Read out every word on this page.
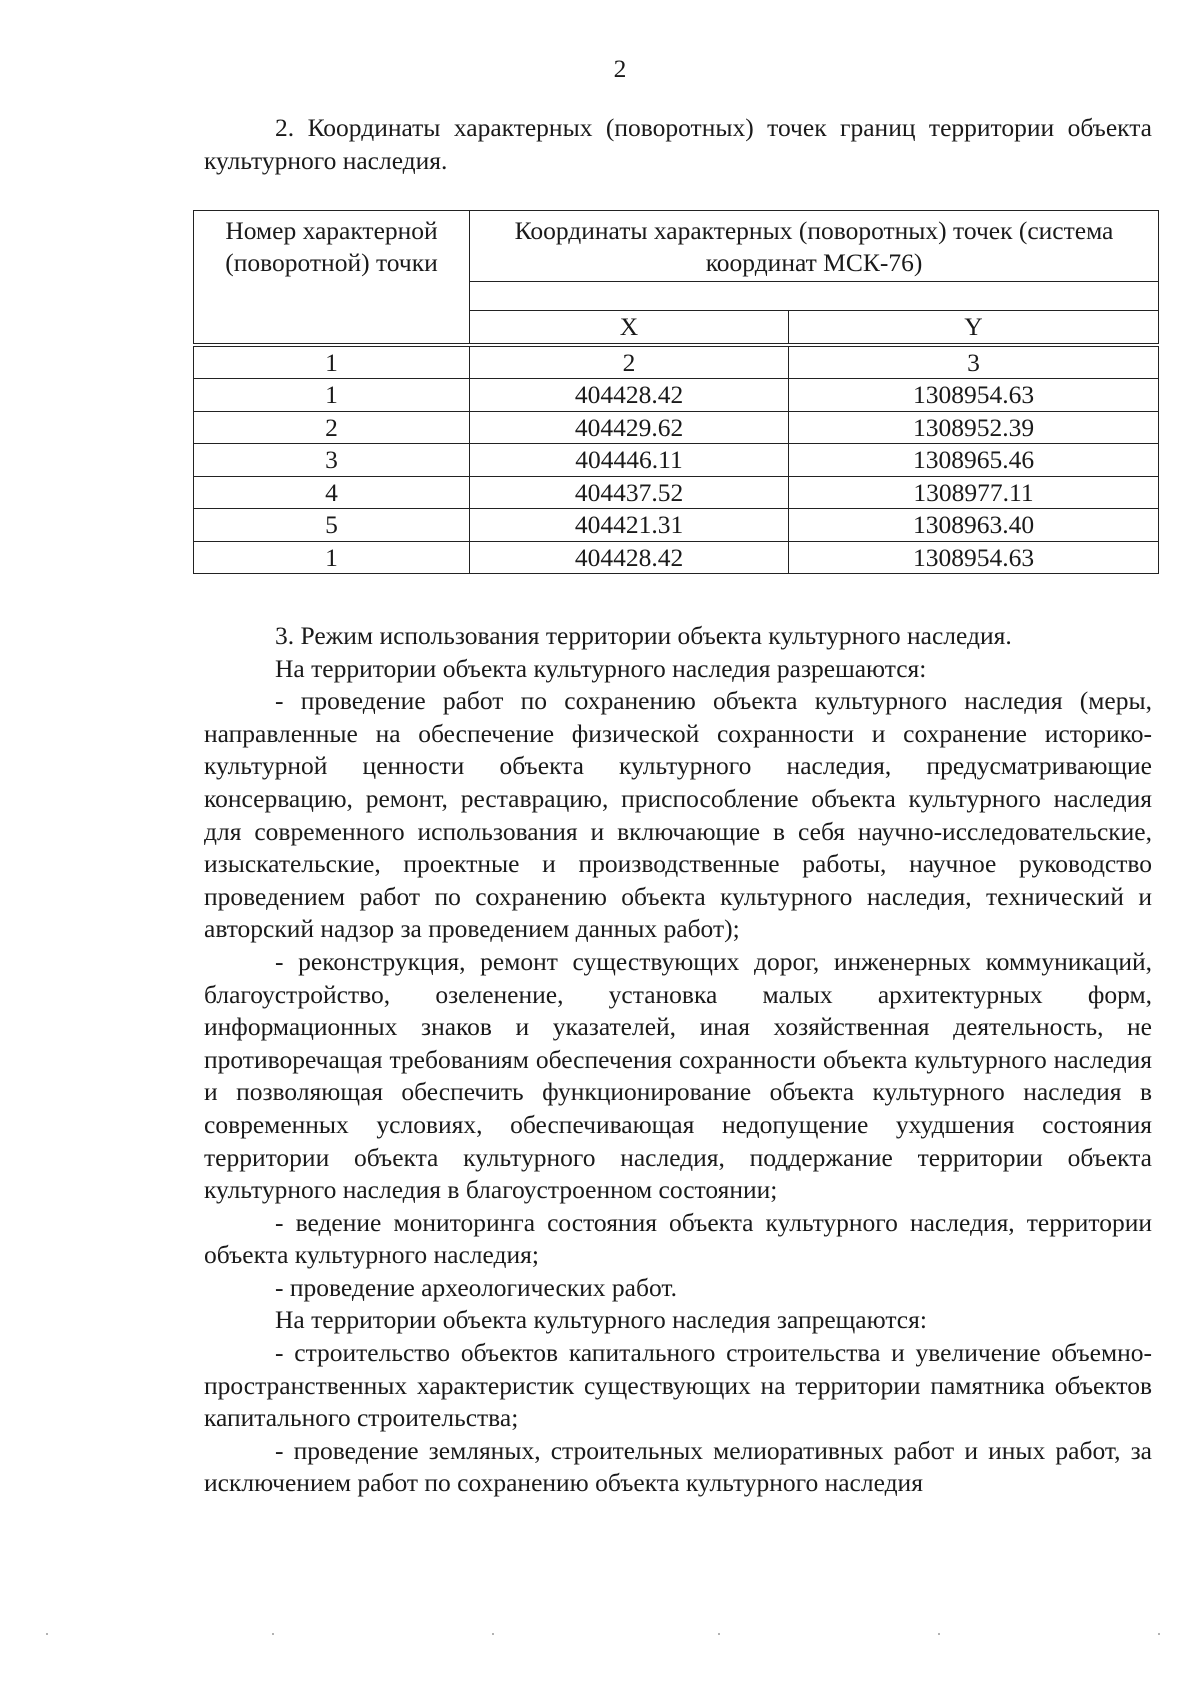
2

2. Координаты характерных (поворотных) точек границ территории объекта культурного наследия.

Номер характерной (поворотной) точки	Координаты характерных (поворотных) точек (система координат МСК-76)	

	X	Y
1	2	3
1	404428.42	1308954.63
2	404429.62	1308952.39
3	404446.11	1308965.46
4	404437.52	1308977.11
5	404421.31	1308963.40
1	404428.42	1308954.63

3. Режим использования территории объекта культурного наследия.

На территории объекта культурного наследия разрешаются:

- проведение работ по сохранению объекта культурного наследия (меры, направленные на обеспечение физической сохранности и сохранение историко-культурной ценности объекта культурного наследия, предусматривающие консервацию, ремонт, реставрацию, приспособление объекта культурного наследия для современного использования и включающие в себя научно-исследовательские, изыскательские, проектные и производственные работы, научное руководство проведением работ по сохранению объекта культурного наследия, технический и авторский надзор за проведением данных работ);

- реконструкция, ремонт существующих дорог, инженерных коммуникаций, благоустройство, озеленение, установка малых архитектурных форм, информационных знаков и указателей, иная хозяйственная деятельность, не противоречащая требованиям обеспечения сохранности объекта культурного наследия и позволяющая обеспечить функционирование объекта культурного наследия в современных условиях, обеспечивающая недопущение ухудшения состояния территории объекта культурного наследия, поддержание территории объекта культурного наследия в благоустроенном состоянии;

- ведение мониторинга состояния объекта культурного наследия, территории объекта культурного наследия;

- проведение археологических работ.

На территории объекта культурного наследия запрещаются:

- строительство объектов капитального строительства и увеличение объемно-пространственных характеристик существующих на территории памятника объектов капитального строительства;

- проведение земляных, строительных мелиоративных работ и иных работ, за исключением работ по сохранению объекта культурного наследия
